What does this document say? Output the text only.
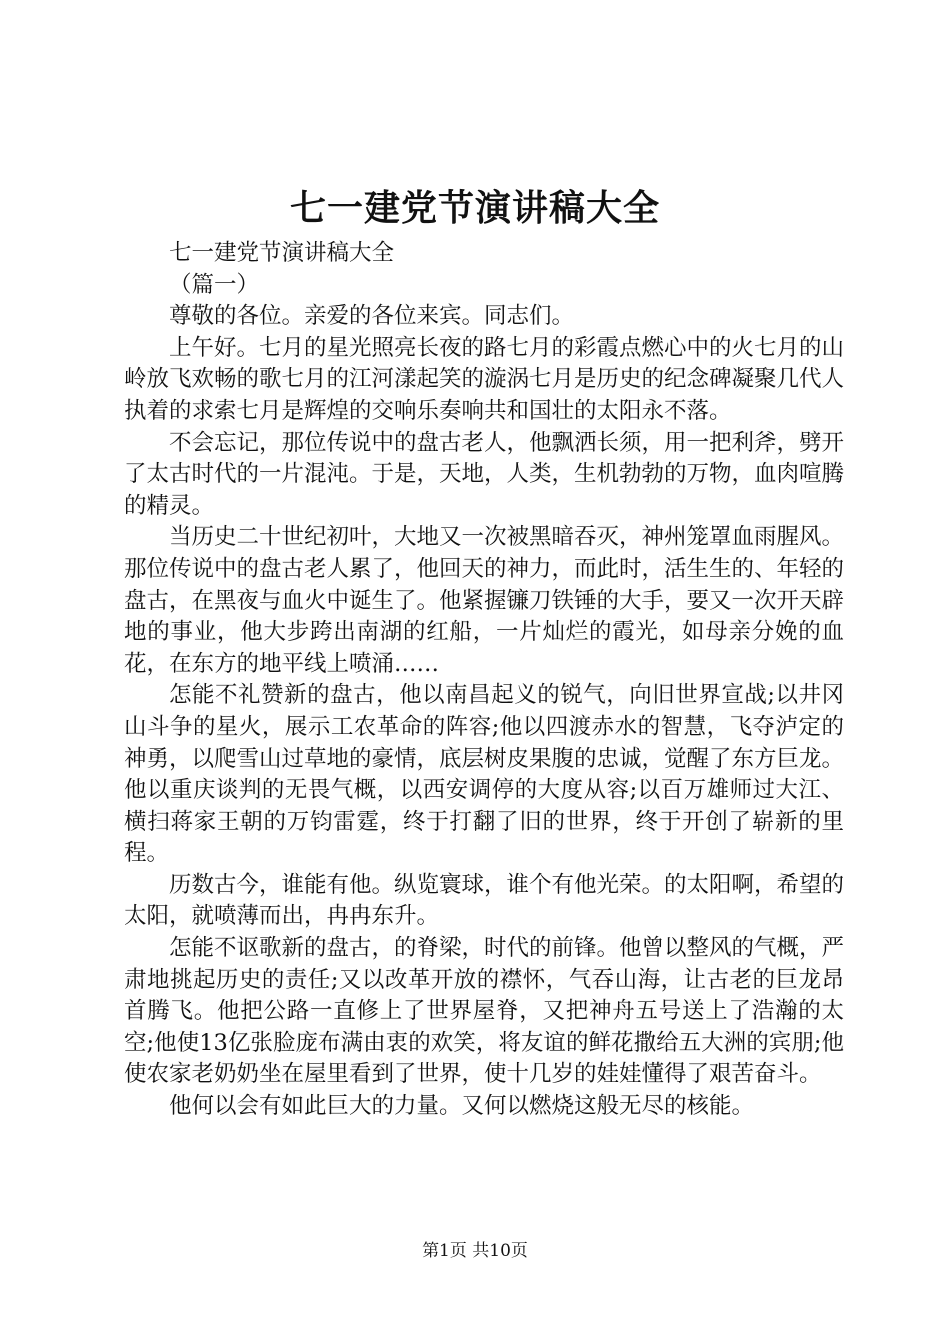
七一建党节演讲稿大全

七一建党节演讲稿大全

（篇一）

尊敬的各位。亲爱的各位来宾。同志们。

上午好。七月的星光照亮长夜的路七月的彩霞点燃心中的火七月的山岭放飞欢畅的歌七月的江河漾起笑的漩涡七月是历史的纪念碑凝聚几代人执着的求索七月是辉煌的交响乐奏响共和国壮的太阳永不落。

不会忘记，那位传说中的盘古老人，他飘洒长须，用一把利斧，劈开了太古时代的一片混沌。于是，天地，人类，生机勃勃的万物，血肉喧腾的精灵。

当历史二十世纪初叶，大地又一次被黑暗吞灭，神州笼罩血雨腥风。那位传说中的盘古老人累了，他回天的神力，而此时，活生生的、年轻的盘古，在黑夜与血火中诞生了。他紧握镰刀铁锤的大手，要又一次开天辟地的事业，他大步跨出南湖的红船，一片灿烂的霞光，如母亲分娩的血花，在东方的地平线上喷涌……

怎能不礼赞新的盘古，他以南昌起义的锐气，向旧世界宣战;以井冈山斗争的星火，展示工农革命的阵容;他以四渡赤水的智慧，飞夺泸定的神勇，以爬雪山过草地的豪情，底层树皮果腹的忠诚，觉醒了东方巨龙。他以重庆谈判的无畏气概，以西安调停的大度从容;以百万雄师过大江、横扫蒋家王朝的万钧雷霆，终于打翻了旧的世界，终于开创了崭新的里程。

历数古今，谁能有他。纵览寰球，谁个有他光荣。的太阳啊，希望的太阳，就喷薄而出，冉冉东升。

怎能不讴歌新的盘古，的脊梁，时代的前锋。他曾以整风的气概，严肃地挑起历史的责任;又以改革开放的襟怀，气吞山海，让古老的巨龙昂首腾飞。他把公路一直修上了世界屋脊，又把神舟五号送上了浩瀚的太空;他使13亿张脸庞布满由衷的欢笑，将友谊的鲜花撒给五大洲的宾朋;他使农家老奶奶坐在屋里看到了世界，使十几岁的娃娃懂得了艰苦奋斗。

他何以会有如此巨大的力量。又何以燃烧这般无尽的核能。

第1页 共10页
